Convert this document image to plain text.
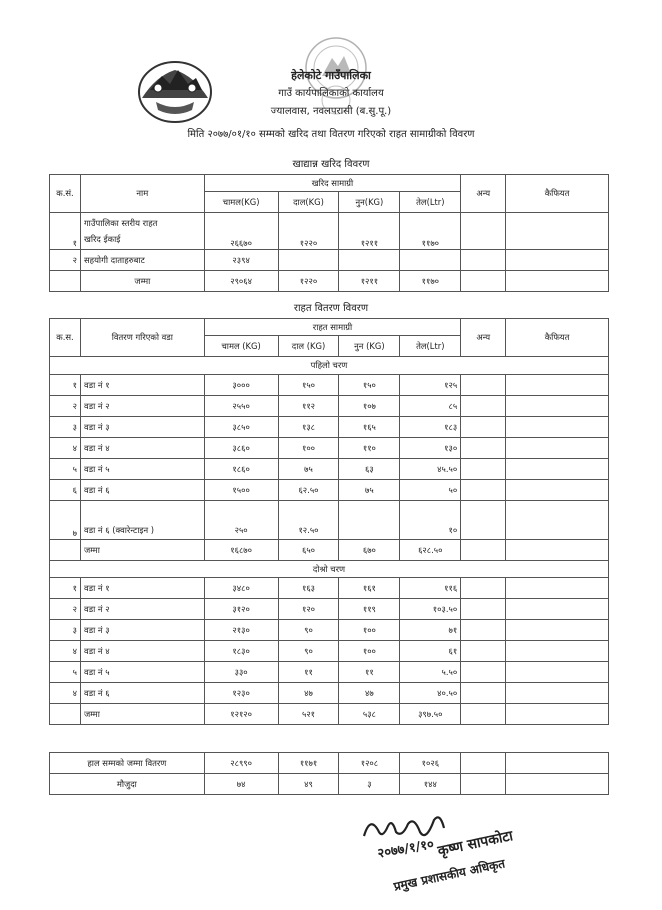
हेलेकोटे गाउँपालिका
गाउँ कार्यपालिकाको कार्यालय
ज्यालवास, नवलपरासी (ब.सु.पू.)
मिति २०७७/०१/१० सम्मको खरिद तथा वितरण गरिएको राहत सामाग्रीको विवरण
खाद्यान्न खरिद विवरण
क.सं.	नाम	खरिद सामाग्री				अन्य	कैफियत
		चामल(KG)	दाल(KG)	नुन(KG)	तेल(Ltr)		
१	गाउँपालिका स्तरीय राहत
खरिद ईकाई	२६६७०	१२२०	१२११	११७०		
२	सहयोगी दाताहरुबाट	२३९४					
	जम्मा	२९०६४	१२२०	१२११	११७०		
राहत वितरण विवरण
क.स.	वितरण गरिएको वडा	राहत सामाग्री				अन्य	कैफियत
		चामल (KG)	दाल (KG)	नुन (KG)	तेल(Ltr)		
पहिलो चरण							
१	वडा नं १	३०००	१५०	१५०	१२५		
२	वडा नं २	२५५०	११२	१०७	८५		
३	वडा नं ३	३८५०	१३८	१६५	१८३		
४	वडा नं ४	३८६०	१००	११०	१३०		
५	वडा नं ५	१८६०	७५	६३	४५.५०		
६	वडा नं ६	१५००	६२.५०	७५	५०		
७	वडा नं ६ (क्वारेन्टाइन )	२५०	१२.५०		१०		
	जम्मा	१६८७०	६५०	६७०	६२८.५०		
दोश्रो चरण							
१	वडा नं १	३४८०	१६३	१६१	११६		
२	वडा नं २	३१२०	१२०	११९	१०३.५०		
३	वडा नं ३	२१३०	९०	१००	७१		
४	वडा नं ४	१८३०	९०	१००	६१		
५	वडा नं ५	३३०	११	११	५.५०		
४	वडा नं ६	१२३०	४७	४७	४०.५०		
	जम्मा	१२१२०	५२१	५३८	३९७.५०		
हाल सम्मको जम्मा वितरण	२८९९०	११७१	१२०८	१०२६		
मौजुदा	७४	४९	३	१४४		
२०७७/१/१० कृष्ण सापकोटा
प्रमुख प्रशासकीय अधिकृत
